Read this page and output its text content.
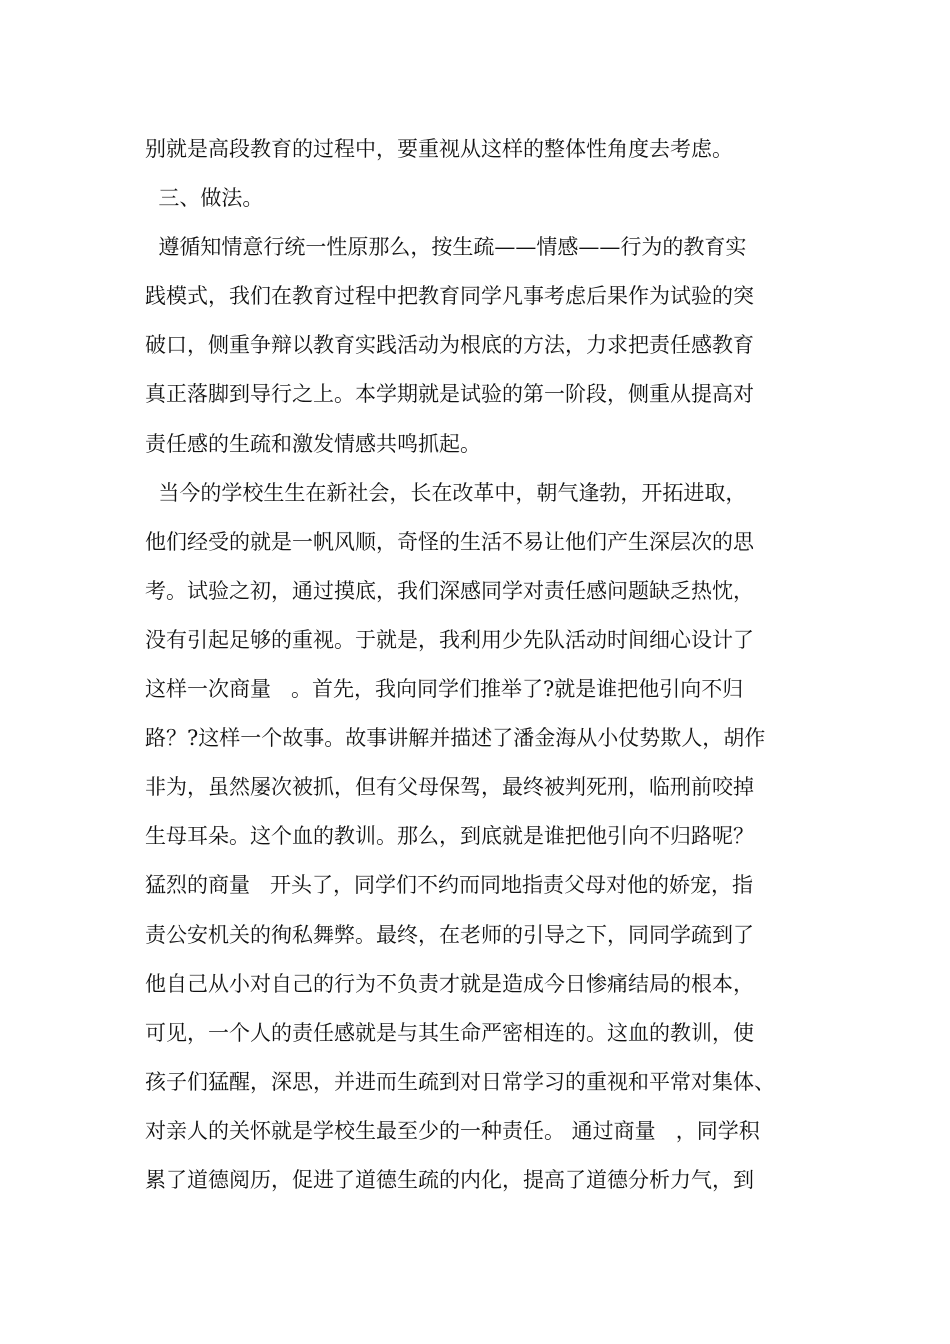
别就是高段教育的过程中，要重视从这样的整体性角度去考虑。
三、做法。
遵循知情意行统一性原那么，按生疏——情感——行为的教育实
践模式，我们在教育过程中把教育同学凡事考虑后果作为试验的突
破口，侧重争辩以教育实践活动为根底的方法，力求把责任感教育
真正落脚到导行之上。本学期就是试验的第一阶段，侧重从提高对
责任感的生疏和激发情感共鸣抓起。
当今的学校生生在新社会，长在改革中，朝气逢勃，开拓进取，
他们经受的就是一帆风顺，奇怪的生活不易让他们产生深层次的思
考。试验之初，通过摸底，我们深感同学对责任感问题缺乏热忱，
没有引起足够的重视。于就是，我利用少先队活动时间细心设计了
这样一次商量   。首先，我向同学们推举了?就是谁把他引向不归
路？?这样一个故事。故事讲解并描述了潘金海从小仗势欺人，胡作
非为，虽然屡次被抓，但有父母保驾，最终被判死刑，临刑前咬掉
生母耳朵。这个血的教训。那么，到底就是谁把他引向不归路呢？
猛烈的商量   开头了，同学们不约而同地指责父母对他的娇宠，指
责公安机关的徇私舞弊。最终，在老师的引导之下，同同学疏到了
他自己从小对自己的行为不负责才就是造成今日惨痛结局的根本，
可见，一个人的责任感就是与其生命严密相连的。这血的教训，使
孩子们猛醒，深思，并进而生疏到对日常学习的重视和平常对集体、
对亲人的关怀就是学校生最至少的一种责任。 通过商量   ，同学积
累了道德阅历，促进了道德生疏的内化，提高了道德分析力气，到
